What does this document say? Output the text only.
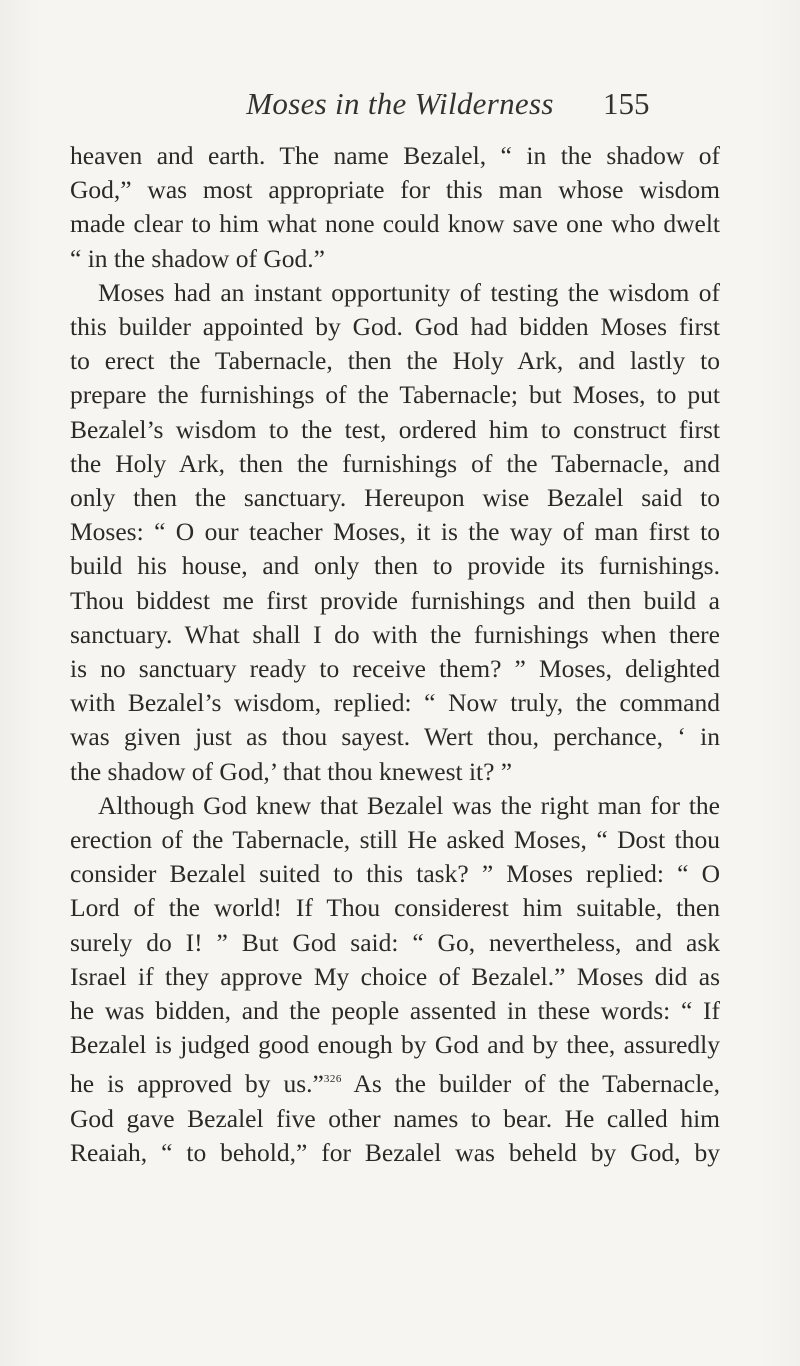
Moses in the Wilderness	155
heaven and earth. The name Bezalel, “ in the shadow of
God,” was most appropriate for this man whose wisdom
made clear to him what none could know save one who dwelt
“ in the shadow of God.”
Moses had an instant opportunity of testing the wisdom of
this builder appointed by God. God had bidden Moses first
to erect the Tabernacle, then the Holy Ark, and lastly to
prepare the furnishings of the Tabernacle; but Moses, to put
Bezalel’s wisdom to the test, ordered him to construct first
the Holy Ark, then the furnishings of the Tabernacle, and
only then the sanctuary. Hereupon wise Bezalel said to
Moses: “ O our teacher Moses, it is the way of man first to
build his house, and only then to provide its furnishings.
Thou biddest me first provide furnishings and then build a
sanctuary. What shall I do with the furnishings when there
is no sanctuary ready to receive them? ” Moses, delighted
with Bezalel’s wisdom, replied: “ Now truly, the command
was given just as thou sayest. Wert thou, perchance, ‘ in
the shadow of God,’ that thou knewest it? ”
Although God knew that Bezalel was the right man for the
erection of the Tabernacle, still He asked Moses, “ Dost thou
consider Bezalel suited to this task? ” Moses replied: “ O
Lord of the world! If Thou considerest him suitable, then
surely do I! ” But God said: “ Go, nevertheless, and ask
Israel if they approve My choice of Bezalel.” Moses did as
he was bidden, and the people assented in these words: “ If
Bezalel is judged good enough by God and by thee, assuredly
he is approved by us.”$^{326}$ As the builder of the Tabernacle,
God gave Bezalel five other names to bear. He called him
Reaiah, “ to behold,” for Bezalel was beheld by God, by
